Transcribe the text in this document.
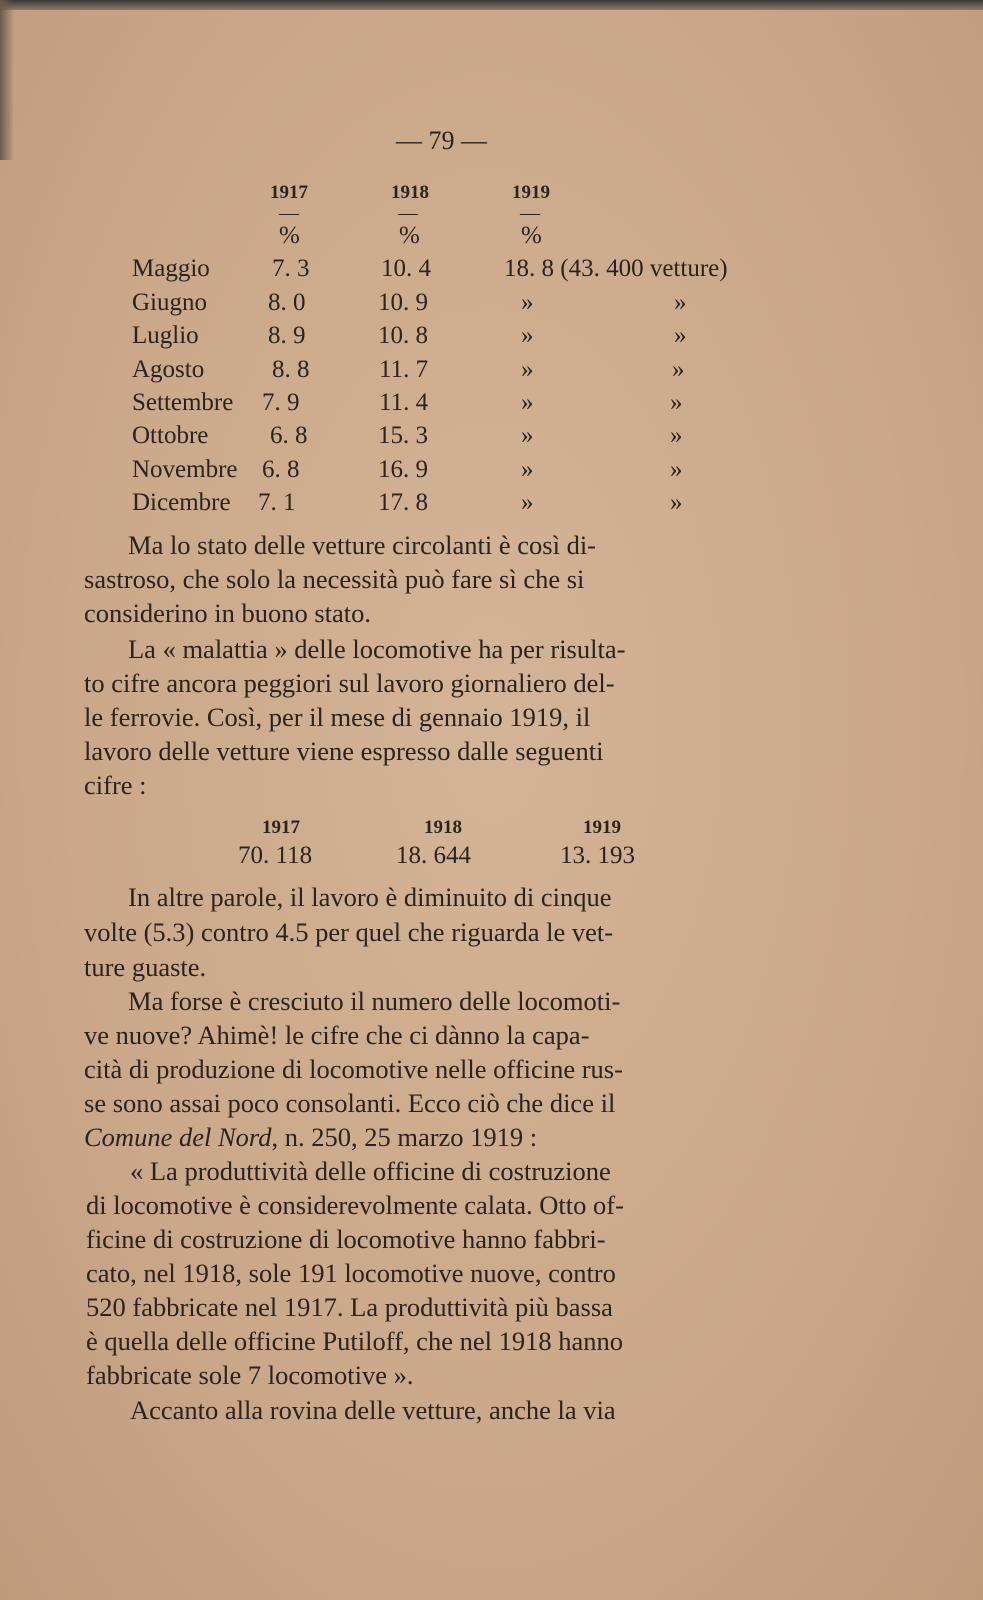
— 79 —
1917	1918	1919
—	—	—
%	%	%
Maggio 7. 3	10. 4	18. 8 (43. 400 vetture)
Giugno 8. 0	10. 9	»	»
Luglio	8. 9	10. 8	»	»
Agosto	8. 8	11. 7	»	»
Settembre 7. 9	11. 4	»	»
Ottobre 6. 8	15. 3	»	»
Novembre 6. 8	16. 9	»	»
Dicembre 7. 1	17. 8	»	»
Ma lo stato delle vetture circolanti è così di-
sastroso, che solo la necessità può fare sì che si
considerino in buono stato.
La « malattia » delle locomotive ha per risulta-
to cifre ancora peggiori sul lavoro giornaliero del-
le ferrovie. Così, per il mese di gennaio 1919, il
lavoro delle vetture viene espresso dalle seguenti
cifre :
1917	1918	1919
70. 118	18. 644	13. 193
In altre parole, il lavoro è diminuito di cinque
volte (5.3) contro 4.5 per quel che riguarda le vet-
ture guaste.
Ma forse è cresciuto il numero delle locomoti-
ve nuove? Ahimè! le cifre che ci dànno la capa-
cità di produzione di locomotive nelle officine rus-
se sono assai poco consolanti. Ecco ciò che dice il
Comune del Nord, n. 250, 25 marzo 1919 :
« La produttività delle officine di costruzione
di locomotive è considerevolmente calata. Otto of-
ficine di costruzione di locomotive hanno fabbri-
cato, nel 1918, sole 191 locomotive nuove, contro
520 fabbricate nel 1917. La produttività più bassa
è quella delle officine Putiloff, che nel 1918 hanno
fabbricate sole 7 locomotive ».
Accanto alla rovina delle vetture, anche la via
